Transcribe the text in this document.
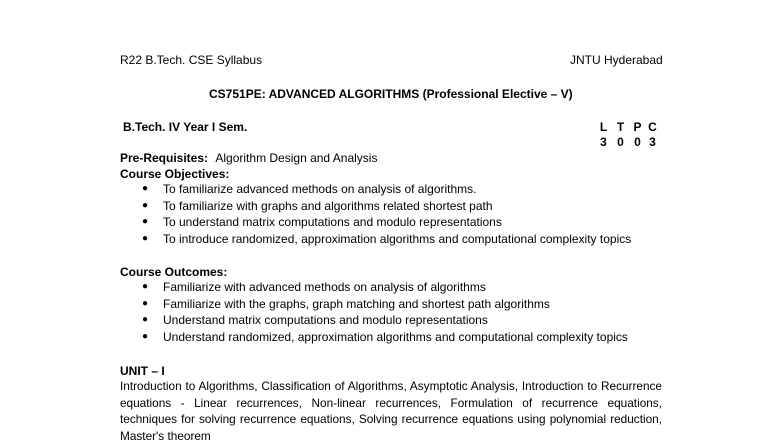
R22 B.Tech. CSE Syllabus	JNTU Hyderabad
CS751PE: ADVANCED ALGORITHMS (Professional Elective – V)
B.Tech. IV Year I Sem.	L T P C
3 0 0 3
Pre-Requisites: Algorithm Design and Analysis
Course Objectives:
● To familiarize advanced methods on analysis of algorithms.
● To familiarize with graphs and algorithms related shortest path
● To understand matrix computations and modulo representations
● To introduce randomized, approximation algorithms and computational complexity topics
Course Outcomes:
● Familiarize with advanced methods on analysis of algorithms
● Familiarize with the graphs, graph matching and shortest path algorithms
● Understand matrix computations and modulo representations
● Understand randomized, approximation algorithms and computational complexity topics
UNIT – I
Introduction to Algorithms, Classification of Algorithms, Asymptotic Analysis, Introduction to Recurrence
equations - Linear recurrences, Non-linear recurrences, Formulation of recurrence equations,
techniques for solving recurrence equations, Solving recurrence equations using polynomial reduction,
Master's theorem
